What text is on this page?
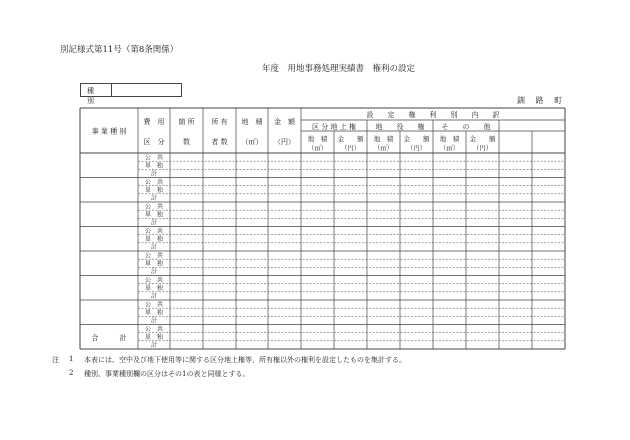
別記様式第11号（第8条関係）
年度　用地事務処理実績書　権利の設定
種　別	釧 路 町
公　共
単　独
計
公　共
単　独
計
公　共
単　独
計
公　共
単　独
計
公　共
単　独
計
公　共
単　独
計
公　共
単　独
計
公　共
単　独
計
事 業 種 別
費　用
区　分
箇 所
数
所 有
者 数
地　積
（㎡）
金　額
（円）
設　　定　　権　　利　　別　　内　　訳
区 分 地 上 権
地　積
（㎡）
金　　額
（円）
地　　役　　権
地　積
（㎡）
金　　額
（円）
そ　　の　　他
地　積
（㎡）
金　　額
（円）
合　　　計
注 1 本表には、空中及び地下使用等に関する区分地上権等、所有権以外の権利を設定したものを集計する。
2 種別、事業種別欄の区分はその1の表と同様とする。
